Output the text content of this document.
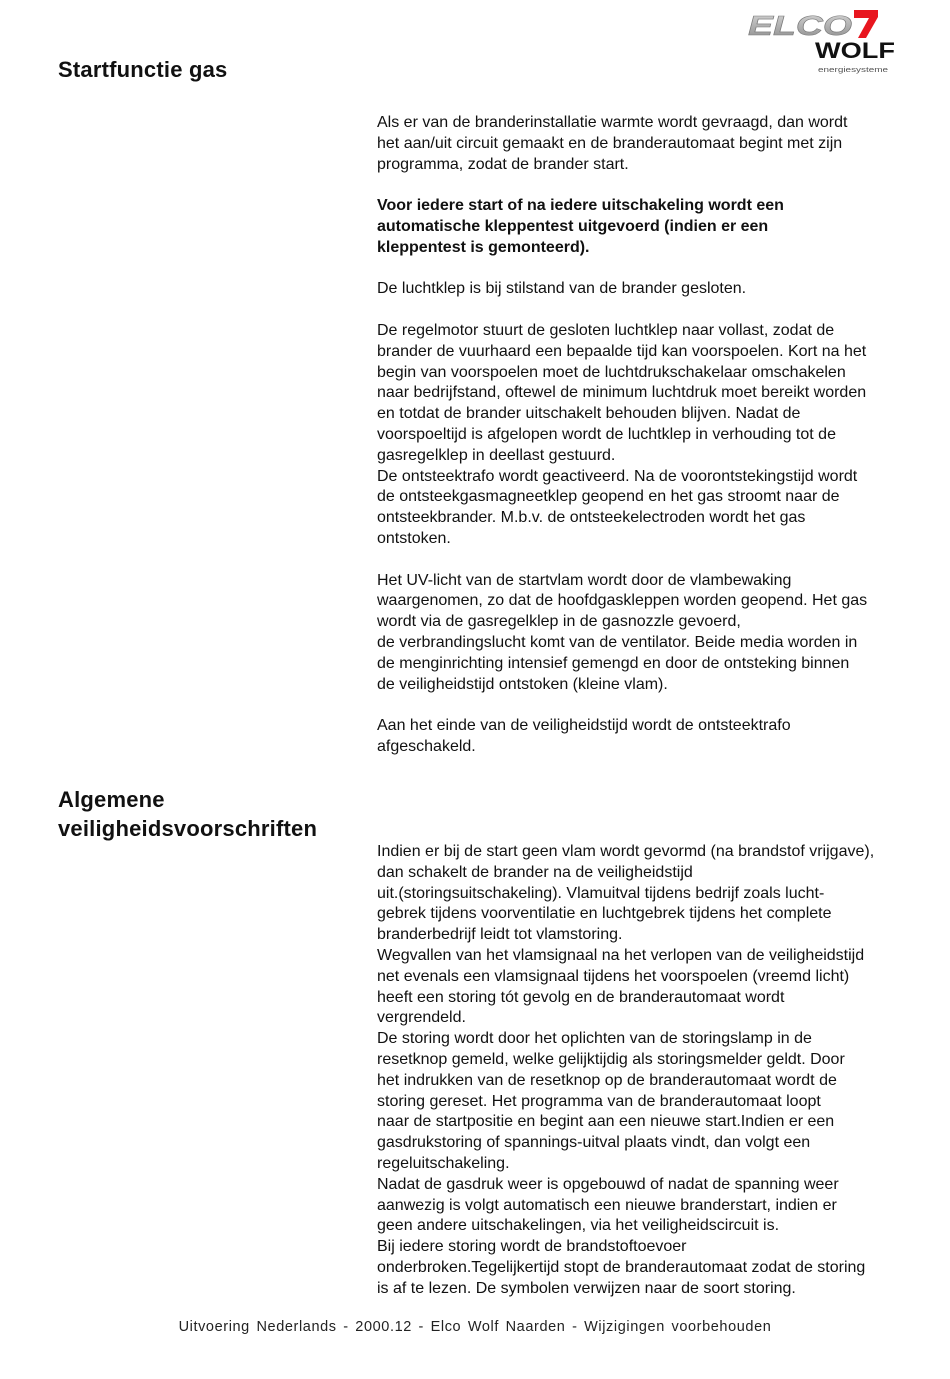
ELCO
WOLF
energiesysteme
Startfunctie gas

Als er van de branderinstallatie warmte wordt gevraagd, dan wordt
het aan/uit circuit gemaakt en de branderautomaat begint met zijn
programma, zodat de brander start.

Voor iedere start of na iedere uitschakeling wordt een
automatische kleppentest uitgevoerd (indien er een
kleppentest is gemonteerd).

De luchtklep is bij stilstand van de brander gesloten.

De regelmotor stuurt de gesloten luchtklep naar vollast, zodat de
brander de vuurhaard een bepaalde tijd kan voorspoelen. Kort na het
begin van voorspoelen moet de luchtdrukschakelaar omschakelen
naar bedrijfstand, oftewel de minimum luchtdruk moet bereikt worden
en totdat de brander uitschakelt behouden blijven. Nadat de
voorspoeltijd is afgelopen wordt de luchtklep in verhouding tot de
gasregelklep in deellast gestuurd.
De ontsteektrafo wordt geactiveerd. Na de voorontstekingstijd wordt
de ontsteekgasmagneetklep geopend en het gas stroomt naar de
ontsteekbrander. M.b.v. de ontsteekelectroden wordt het gas
ontstoken.

Het UV-licht van de startvlam wordt door de vlambewaking
waargenomen, zo dat de hoofdgaskleppen worden geopend. Het gas
wordt via de gasregelklep in de gasnozzle gevoerd,
de verbrandingslucht komt van de ventilator. Beide media worden in
de menginrichting intensief gemengd en door de ontsteking binnen
de veiligheidstijd ontstoken (kleine vlam).

Aan het einde van de veiligheidstijd wordt de ontsteektrafo
afgeschakeld.

Algemene
veiligheidsvoorschriften

Indien er bij de start geen vlam wordt gevormd (na brandstof vrijgave),
dan schakelt de brander na de veiligheidstijd
uit.(storingsuitschakeling). Vlamuitval tijdens bedrijf zoals lucht-
gebrek tijdens voorventilatie en luchtgebrek tijdens het complete
branderbedrijf leidt tot vlamstoring.
Wegvallen van het vlamsignaal na het verlopen van de veiligheidstijd
net evenals een vlamsignaal tijdens het voorspoelen (vreemd licht)
heeft een storing tót gevolg en de branderautomaat wordt
vergrendeld.
De storing wordt door het oplichten van de storingslamp in de
resetknop gemeld, welke gelijktijdig als storingsmelder geldt. Door
het indrukken van de resetknop op de branderautomaat wordt de
storing gereset. Het programma van de branderautomaat loopt
naar de startpositie en begint aan een nieuwe start.Indien er een
gasdrukstoring of spannings-uitval plaats vindt, dan volgt een
regeluitschakeling.
Nadat de gasdruk weer is opgebouwd of nadat de spanning weer
aanwezig is volgt automatisch een nieuwe branderstart, indien er
geen andere uitschakelingen, via het veiligheidscircuit is.
Bij iedere storing wordt de brandstoftoevoer
onderbroken.Tegelijkertijd stopt de branderautomaat zodat de storing
is af te lezen. De symbolen verwijzen naar de soort storing.

Uitvoering Nederlands - 2000.12 - Elco Wolf Naarden - Wijzigingen voorbehouden
